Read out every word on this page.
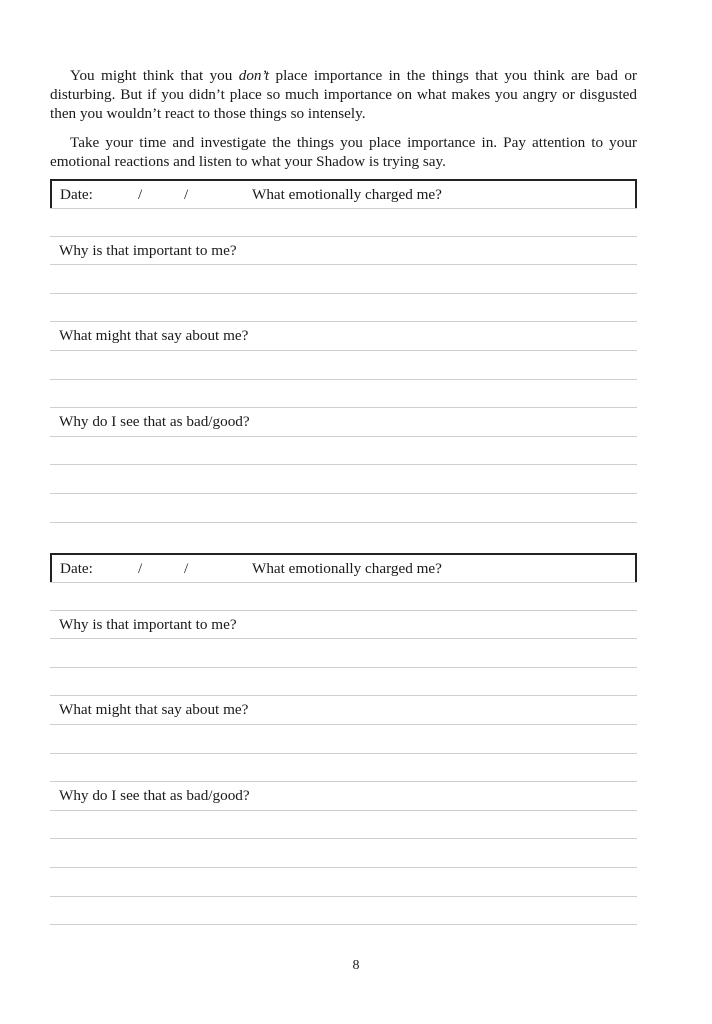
You might think that you don’t place importance in the things that you think are bad or disturbing. But if you didn’t place so much importance on what makes you angry or disgusted then you wouldn’t react to those things so intensely.

Take your time and investigate the things you place importance in. Pay attention to your emotional reactions and listen to what your Shadow is trying say.

Date:	/	/	What emotionally charged me?
Why is that important to me?
What might that say about me?
Why do I see that as bad/good?
Date:	/	/	What emotionally charged me?
Why is that important to me?
What might that say about me?
Why do I see that as bad/good?
8
